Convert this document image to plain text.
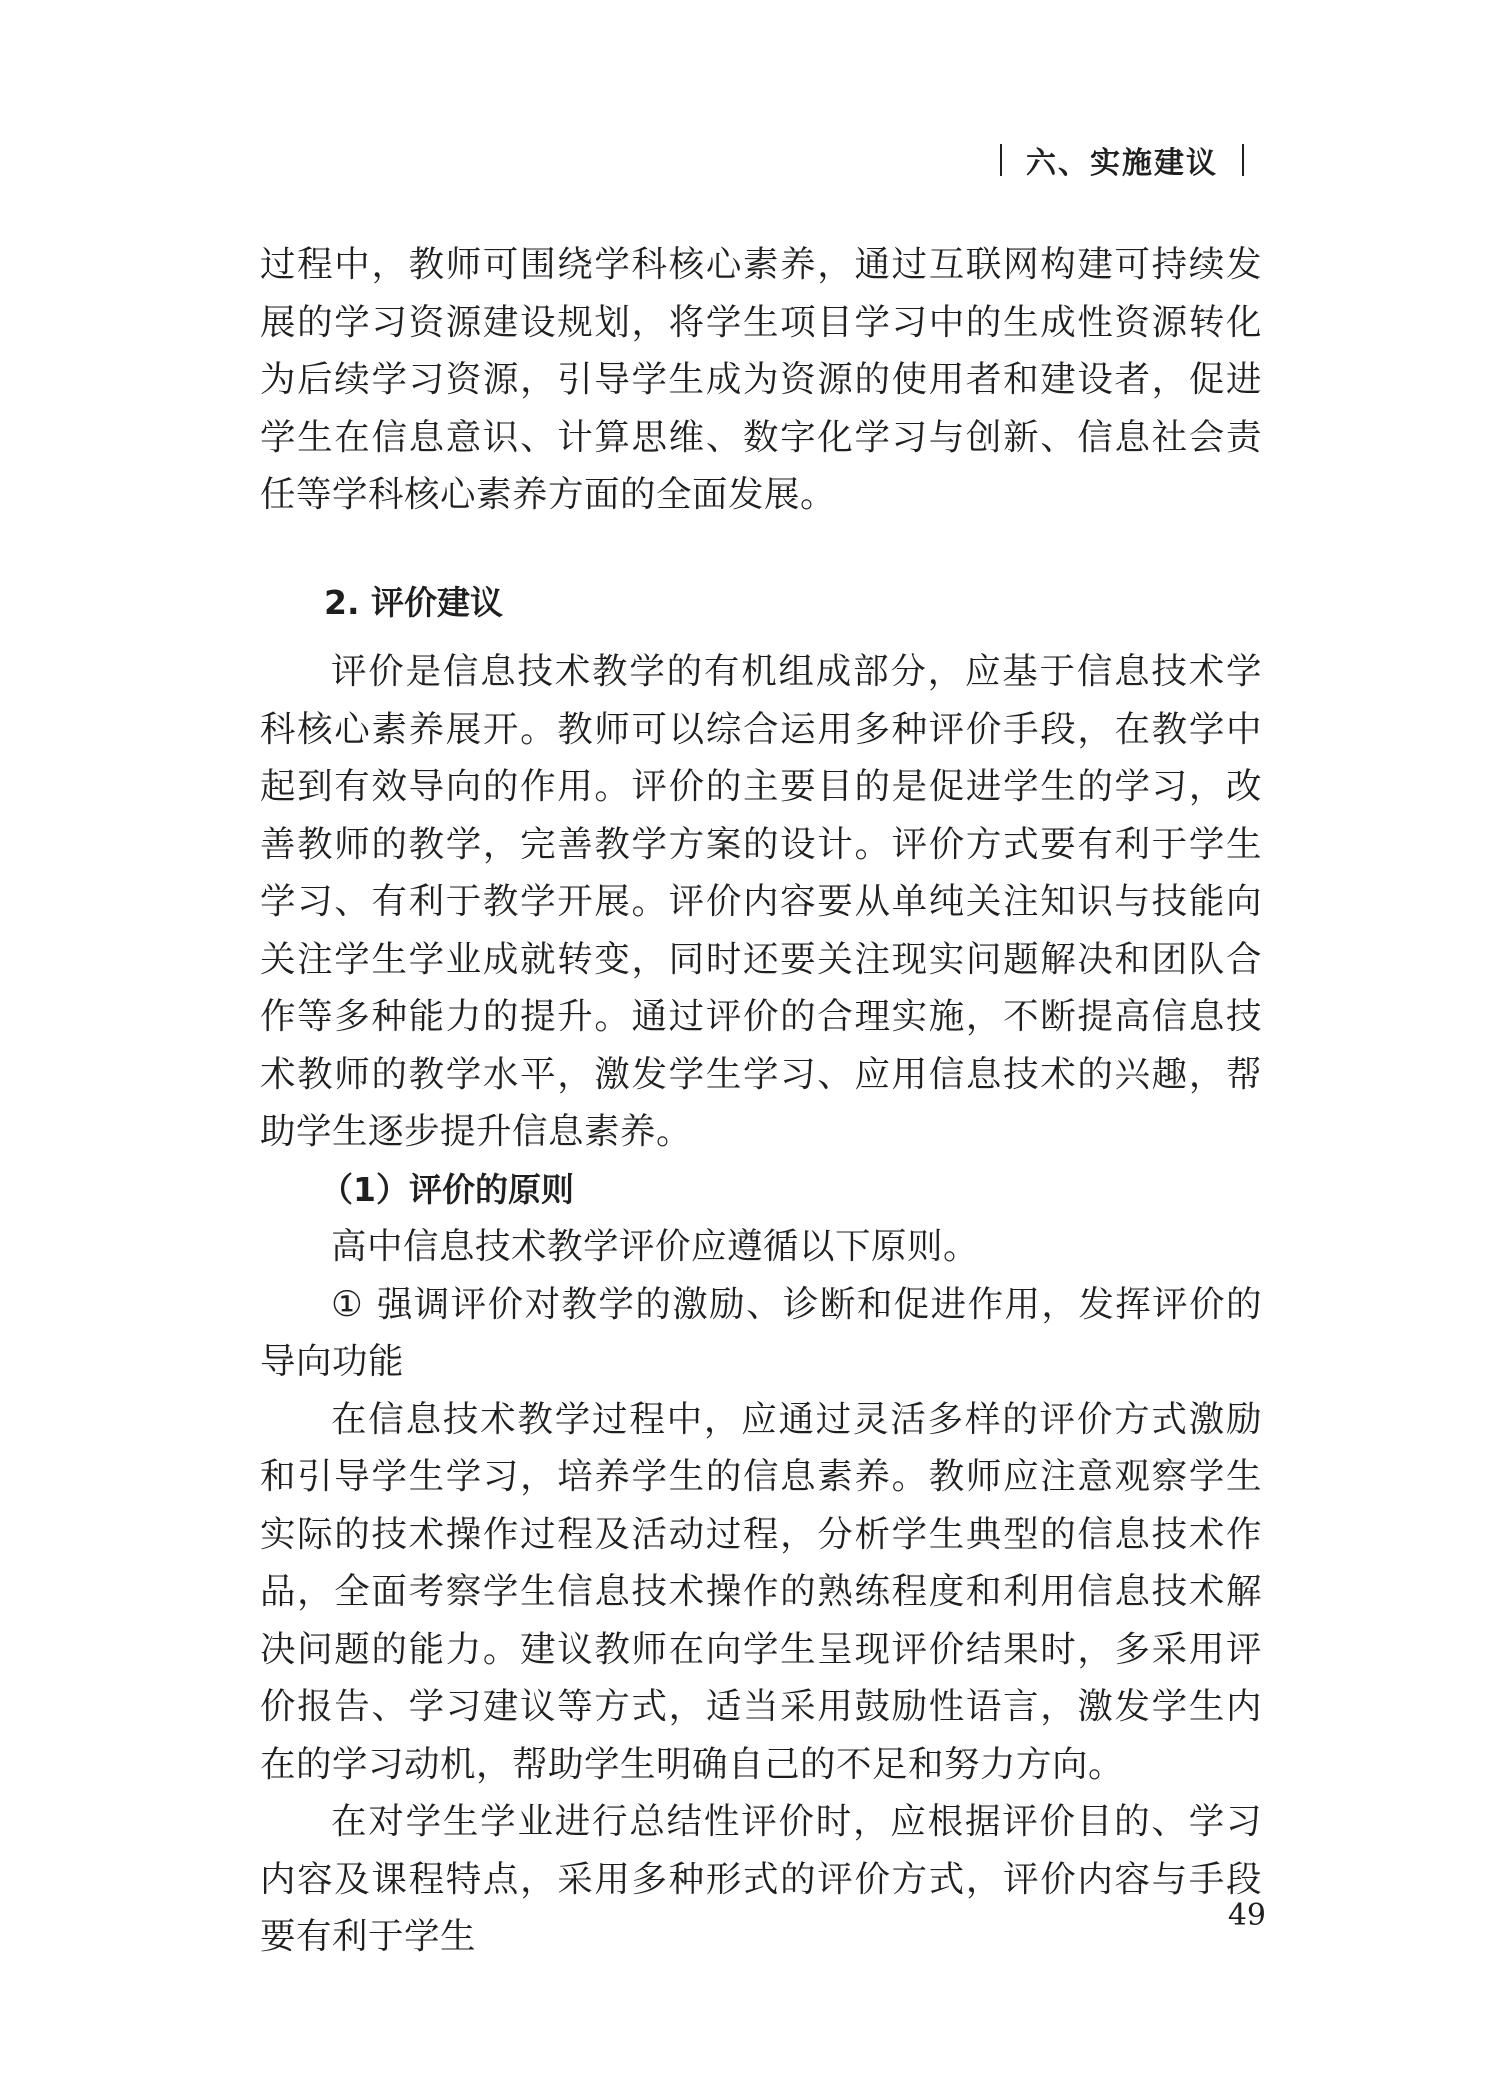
六、实施建议

过程中，教师可围绕学科核心素养，通过互联网构建可持续发展的学习资源建设规划，将学生项目学习中的生成性资源转化为后续学习资源，引导学生成为资源的使用者和建设者，促进学生在信息意识、计算思维、数字化学习与创新、信息社会责任等学科核心素养方面的全面发展。

2. 评价建议

评价是信息技术教学的有机组成部分，应基于信息技术学科核心素养展开。教师可以综合运用多种评价手段，在教学中起到有效导向的作用。评价的主要目的是促进学生的学习，改善教师的教学，完善教学方案的设计。评价方式要有利于学生学习、有利于教学开展。评价内容要从单纯关注知识与技能向关注学生学业成就转变，同时还要关注现实问题解决和团队合作等多种能力的提升。通过评价的合理实施，不断提高信息技术教师的教学水平，激发学生学习、应用信息技术的兴趣，帮助学生逐步提升信息素养。

（1）评价的原则

高中信息技术教学评价应遵循以下原则。

① 强调评价对教学的激励、诊断和促进作用，发挥评价的导向功能

在信息技术教学过程中，应通过灵活多样的评价方式激励和引导学生学习，培养学生的信息素养。教师应注意观察学生实际的技术操作过程及活动过程，分析学生典型的信息技术作品，全面考察学生信息技术操作的熟练程度和利用信息技术解决问题的能力。建议教师在向学生呈现评价结果时，多采用评价报告、学习建议等方式，适当采用鼓励性语言，激发学生内在的学习动机，帮助学生明确自己的不足和努力方向。

在对学生学业进行总结性评价时，应根据评价目的、学习内容及课程特点，采用多种形式的评价方式，评价内容与手段要有利于学生

49
